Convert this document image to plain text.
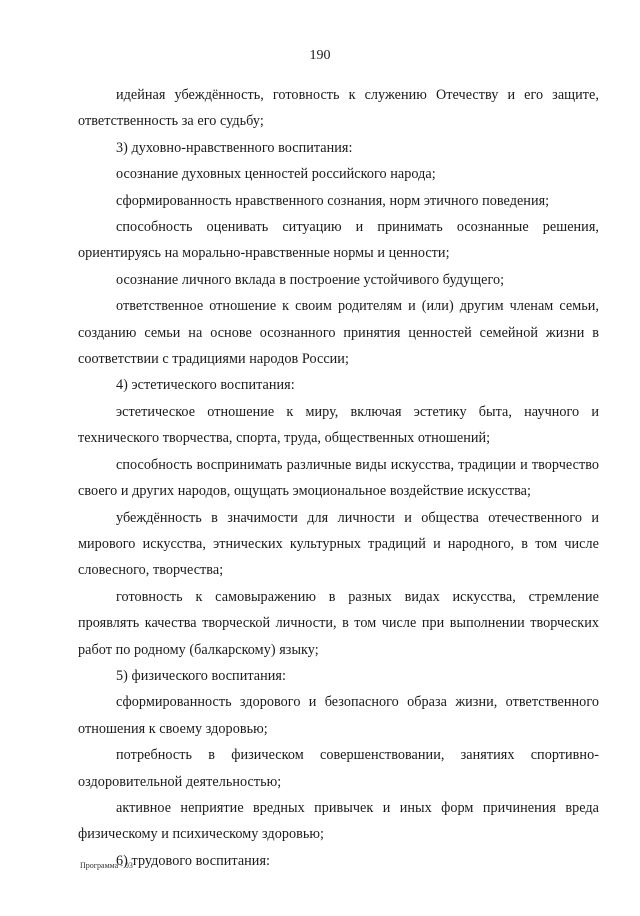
190

идейная убеждённость, готовность к служению Отечеству и его защите, ответственность за его судьбу;

3) духовно-нравственного воспитания:

осознание духовных ценностей российского народа;

сформированность нравственного сознания, норм этичного поведения;

способность оценивать ситуацию и принимать осознанные решения, ориентируясь на морально-нравственные нормы и ценности;

осознание личного вклада в построение устойчивого будущего;

ответственное отношение к своим родителям и (или) другим членам семьи, созданию семьи на основе осознанного принятия ценностей семейной жизни в соответствии с традициями народов России;

4) эстетического воспитания:

эстетическое отношение к миру, включая эстетику быта, научного и технического творчества, спорта, труда, общественных отношений;

способность воспринимать различные виды искусства, традиции и творчество своего и других народов, ощущать эмоциональное воздействие искусства;

убеждённость в значимости для личности и общества отечественного и мирового искусства, этнических культурных традиций и народного, в том числе словесного, творчества;

готовность к самовыражению в разных видах искусства, стремление проявлять качества творческой личности, в том числе при выполнении творческих работ по родному (балкарскому) языку;

5) физического воспитания:

сформированность здорового и безопасного образа жизни, ответственного отношения к своему здоровью;

потребность в физическом совершенствовании, занятиях спортивно-оздоровительной деятельностью;

активное неприятие вредных привычек и иных форм причинения вреда физическому и психическому здоровью;

6) трудового воспитания:

Программа - 03
